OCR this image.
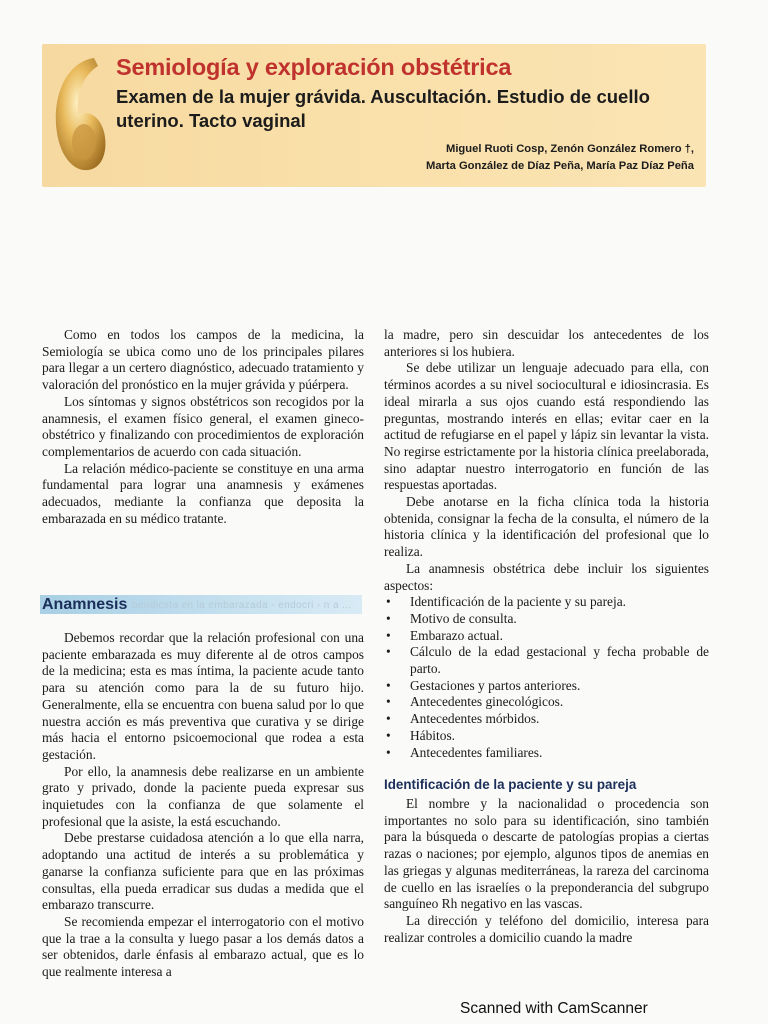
Semiología y exploración obstétrica
Examen de la mujer grávida. Auscultación. Estudio de cuello uterino. Tacto vaginal
Miguel Ruoti Cosp, Zenón González Romero †,
Marta González de Díaz Peña, María Paz Díaz Peña

Como en todos los campos de la medicina, la Semiología se ubica como uno de los principales pilares para llegar a un certero diagnóstico, adecuado tratamiento y valoración del pronóstico en la mujer grávida y púérpera.

Los síntomas y signos obstétricos son recogidos por la anamnesis, el examen físico general, el examen gineco-obstétrico y finalizando con procedimientos de exploración complementarios de acuerdo con cada situación.

La relación médico-paciente se constituye en una arma fundamental para lograr una anamnesis y exámenes adecuados, mediante la confianza que deposita la embarazada en su médico tratante.

bendicsta en la embarazada - endocri - n a ...
Anamnesis

Debemos recordar que la relación profesional con una paciente embarazada es muy diferente al de otros campos de la medicina; esta es mas íntima, la paciente acude tanto para su atención como para la de su futuro hijo. Generalmente, ella se encuentra con buena salud por lo que nuestra acción es más preventiva que curativa y se dirige más hacia el entorno psicoemocional que rodea a esta gestación.

Por ello, la anamnesis debe realizarse en un ambiente grato y privado, donde la paciente pueda expresar sus inquietudes con la confianza de que solamente el profesional que la asiste, la está escuchando.

Debe prestarse cuidadosa atención a lo que ella narra, adoptando una actitud de interés a su problemática y ganarse la confianza suficiente para que en las próximas consultas, ella pueda erradicar sus dudas a medida que el embarazo transcurre.

Se recomienda empezar el interrogatorio con el motivo que la trae a la consulta y luego pasar a los demás datos a ser obtenidos, darle énfasis al embarazo actual, que es lo que realmente interesa a

la madre, pero sin descuidar los antecedentes de los anteriores si los hubiera.

Se debe utilizar un lenguaje adecuado para ella, con términos acordes a su nivel sociocultural e idiosincrasia. Es ideal mirarla a sus ojos cuando está respondiendo las preguntas, mostrando interés en ellas; evitar caer en la actitud de refugiarse en el papel y lápiz sin levantar la vista. No regirse estrictamente por la historia clínica preelaborada, sino adaptar nuestro interrogatorio en función de las respuestas aportadas.

Debe anotarse en la ficha clínica toda la historia obtenida, consignar la fecha de la consulta, el número de la historia clínica y la identificación del profesional que lo realiza.

La anamnesis obstétrica debe incluir los siguientes aspectos:

• Identificación de la paciente y su pareja.
• Motivo de consulta.
• Embarazo actual.
• Cálculo de la edad gestacional y fecha probable de parto.
• Gestaciones y partos anteriores.
• Antecedentes ginecológicos.
• Antecedentes mórbidos.
• Hábitos.
• Antecedentes familiares.
Identificación de la paciente y su pareja

El nombre y la nacionalidad o procedencia son importantes no solo para su identificación, sino también para la búsqueda o descarte de patologías propias a ciertas razas o naciones; por ejemplo, algunos tipos de anemias en las griegas y algunas mediterráneas, la rareza del carcinoma de cuello en las israelíes o la preponderancia del subgrupo sanguíneo Rh negativo en las vascas.

La dirección y teléfono del domicilio, interesa para realizar controles a domicilio cuando la madre

Scanned with CamScanner
